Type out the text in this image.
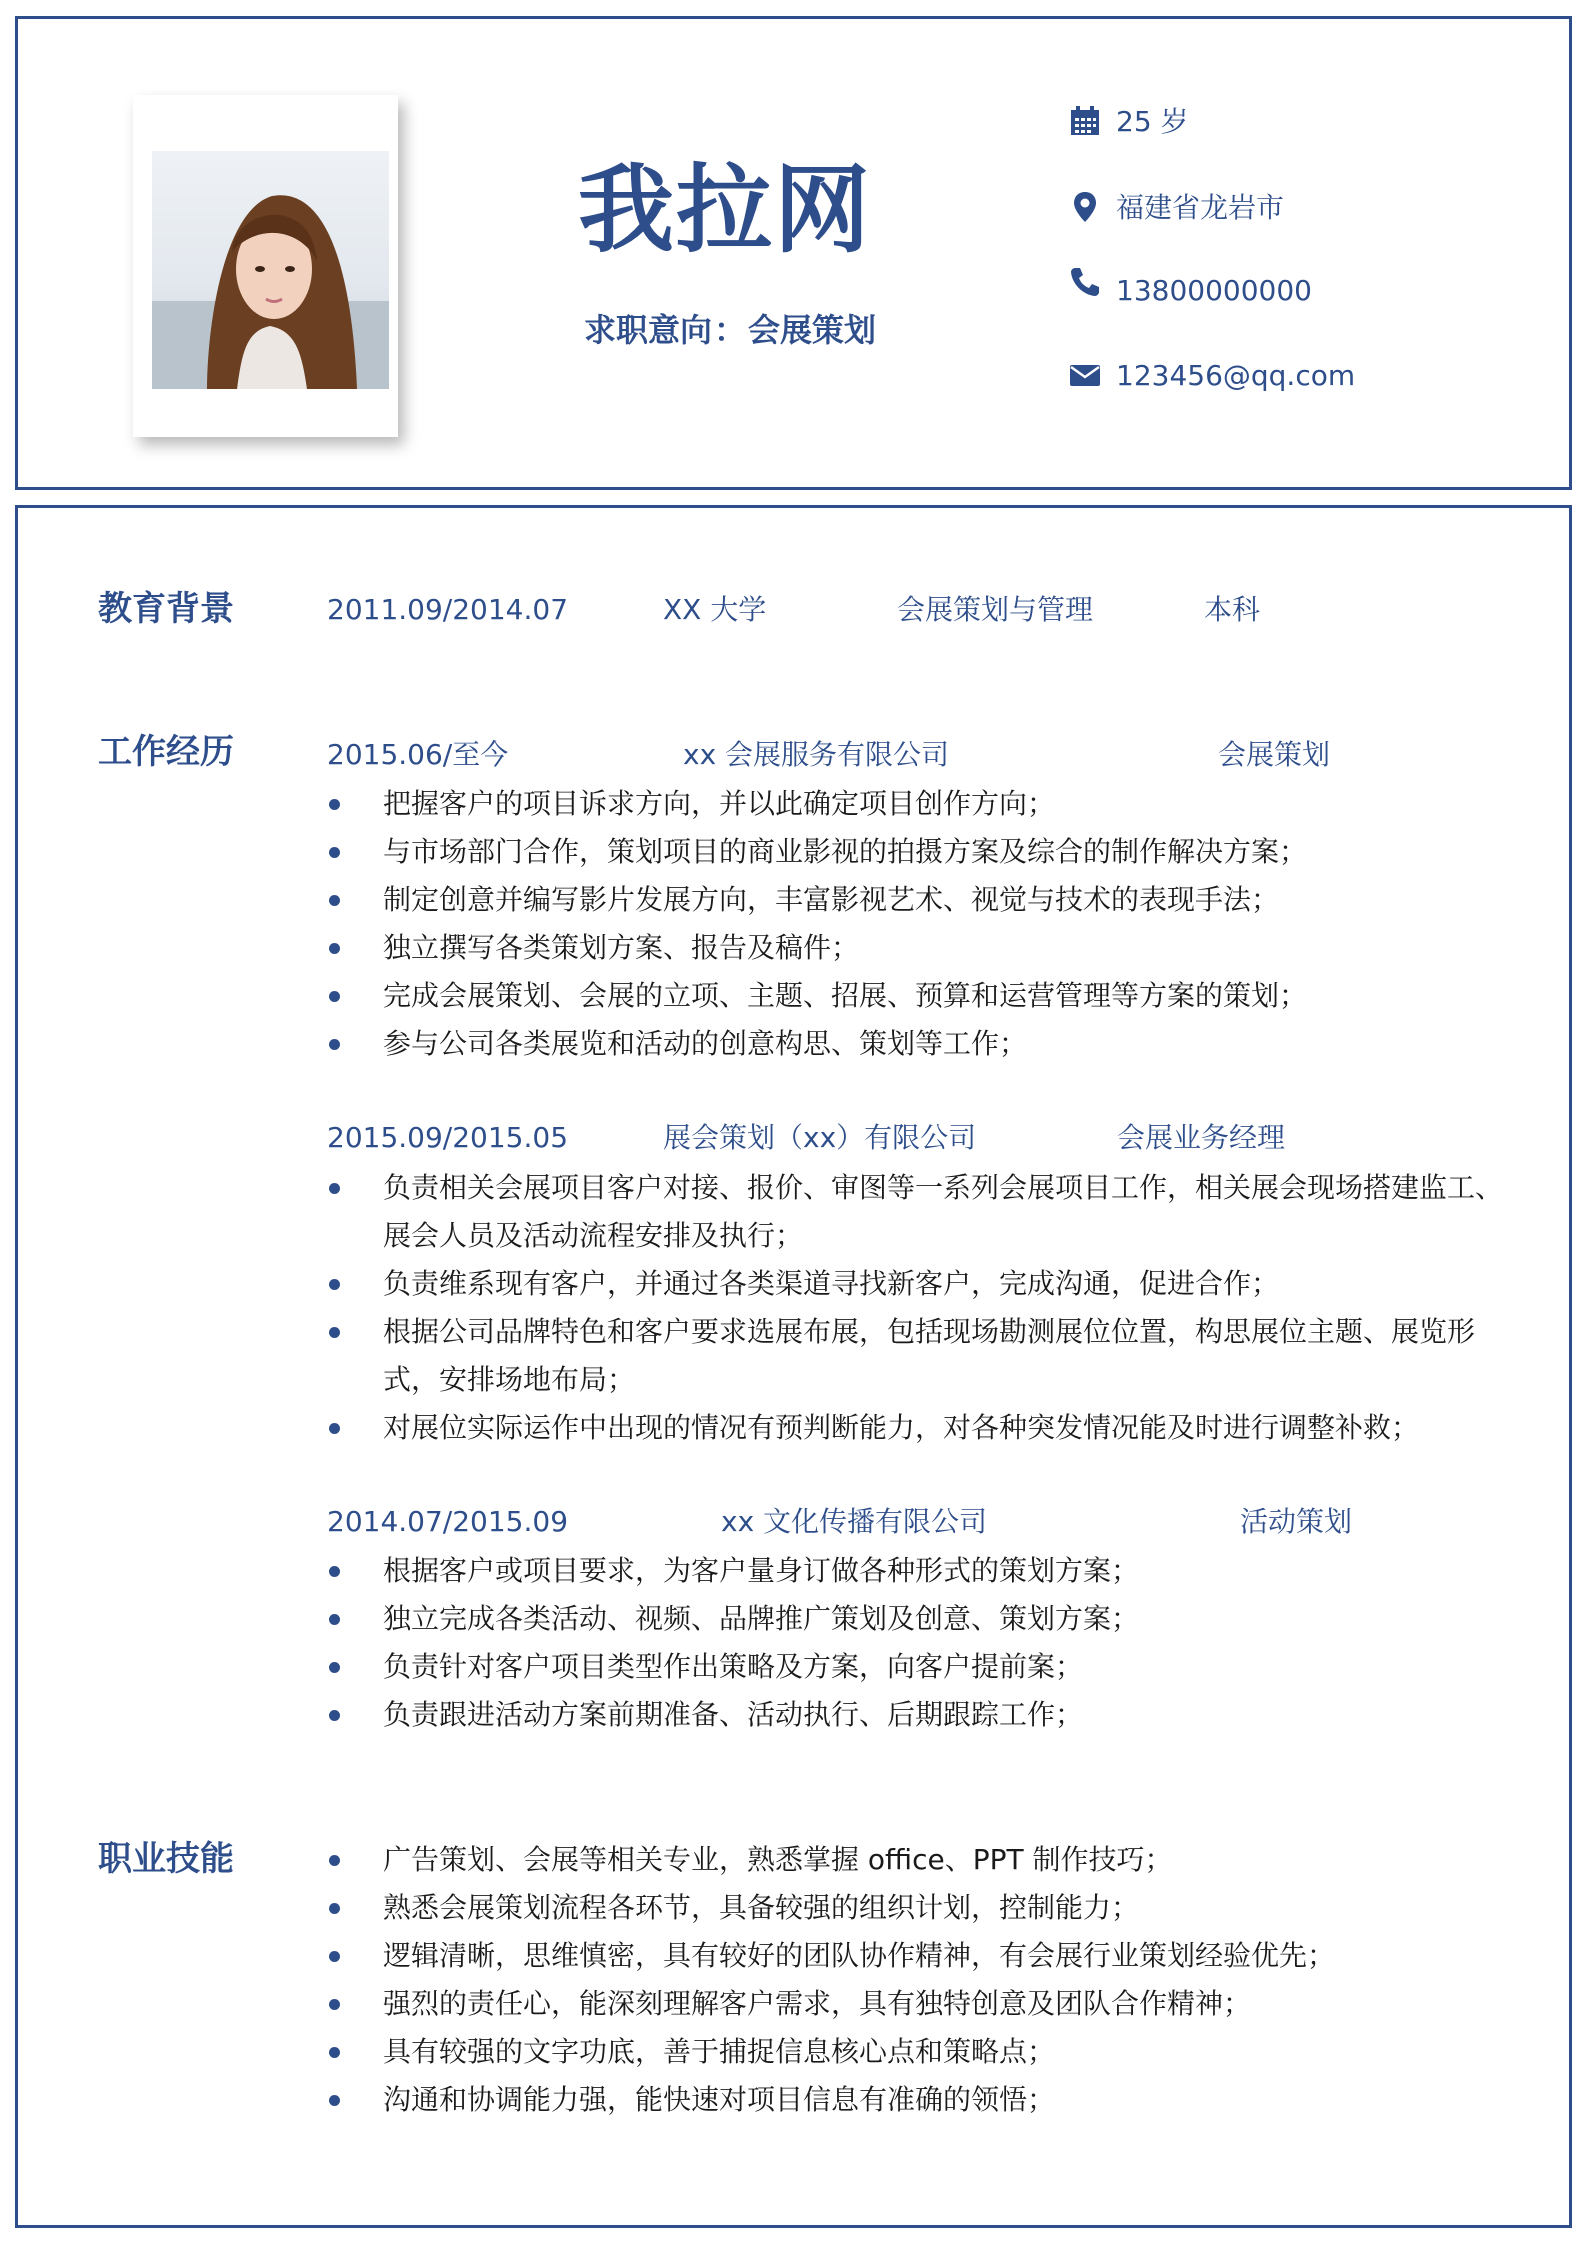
我拉网
求职意向：会展策划
25 岁
福建省龙岩市
13800000000
123456@qq.com
教育背景	2011.09/2014.07	XX 大学	会展策划与管理	本科
工作经历	2015.06/至今	xx 会展服务有限公司	会展策划
把握客户的项目诉求方向，并以此确定项目创作方向；
与市场部门合作，策划项目的商业影视的拍摄方案及综合的制作解决方案；
制定创意并编写影片发展方向，丰富影视艺术、视觉与技术的表现手法；
独立撰写各类策划方案、报告及稿件；
完成会展策划、会展的立项、主题、招展、预算和运营管理等方案的策划；
参与公司各类展览和活动的创意构思、策划等工作；
2015.09/2015.05	展会策划（xx）有限公司	会展业务经理
负责相关会展项目客户对接、报价、审图等一系列会展项目工作，相关展会现场搭建监工、展会人员及活动流程安排及执行；
负责维系现有客户，并通过各类渠道寻找新客户，完成沟通，促进合作；
根据公司品牌特色和客户要求选展布展，包括现场勘测展位位置，构思展位主题、展览形式，安排场地布局；
对展位实际运作中出现的情况有预判断能力，对各种突发情况能及时进行调整补救；
2014.07/2015.09	xx 文化传播有限公司	活动策划
根据客户或项目要求，为客户量身订做各种形式的策划方案；
独立完成各类活动、视频、品牌推广策划及创意、策划方案；
负责针对客户项目类型作出策略及方案，向客户提前案；
负责跟进活动方案前期准备、活动执行、后期跟踪工作；
职业技能	广告策划、会展等相关专业，熟悉掌握 office、PPT 制作技巧；
熟悉会展策划流程各环节，具备较强的组织计划，控制能力；
逻辑清晰，思维慎密，具有较好的团队协作精神，有会展行业策划经验优先；
强烈的责任心，能深刻理解客户需求，具有独特创意及团队合作精神；
具有较强的文字功底，善于捕捉信息核心点和策略点；
沟通和协调能力强，能快速对项目信息有准确的领悟；
